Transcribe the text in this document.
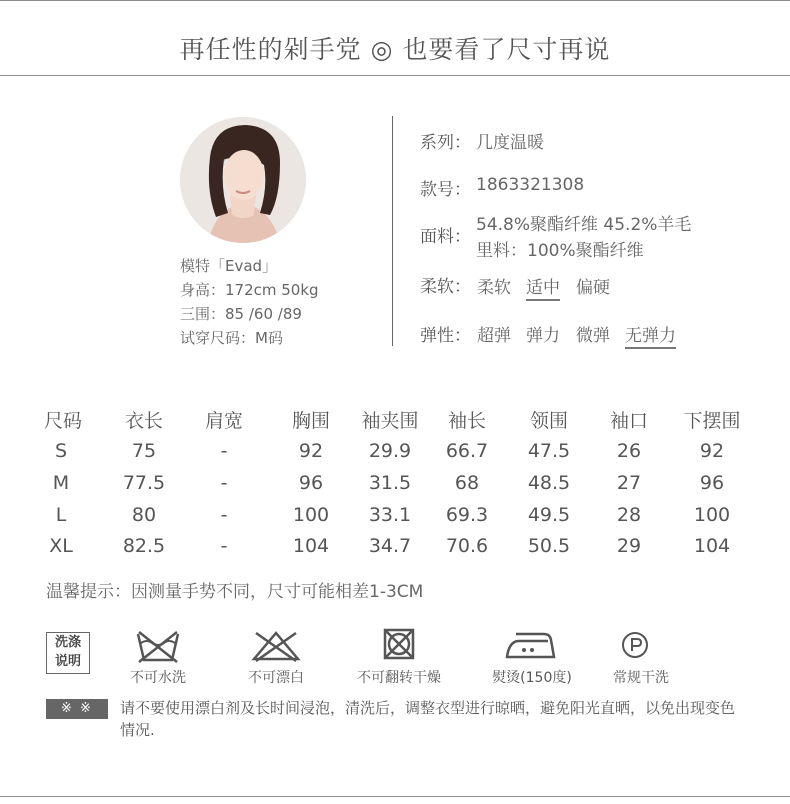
再任性的剁手党 ◎ 也要看了尺寸再说
模特「Evad」
身高：172cm 50kg
三围：85 /60 /89
试穿尺码：M码
系列： 几度温暖
款号： 1863321308
面料：
54.8%聚酯纤维 45.2%羊毛
里料：100%聚酯纤维
柔软： 柔软 适中 偏硬
弹性： 超弹 弹力 微弹 无弹力
尺码	衣长	肩宽	胸围	袖夹围	袖长	领围	袖口	下摆围
S	75	-	92	29.9	66.7	47.5	26	92
M	77.5	-	96	31.5	68	48.5	27	96
L	80	-	100	33.1	69.3	49.5	28	100
XL	82.5	-	104	34.7	70.6	50.5	29	104
温馨提示：因测量手势不同，尺寸可能相差1-3CM
洗涤
说明
不可水洗	不可漂白	不可翻转干燥	熨烫(150度)	常规干洗
※ ※	请不要使用漂白剂及长时间浸泡，清洗后，调整衣型进行晾晒，避免阳光直晒，以免出现变色情况.
